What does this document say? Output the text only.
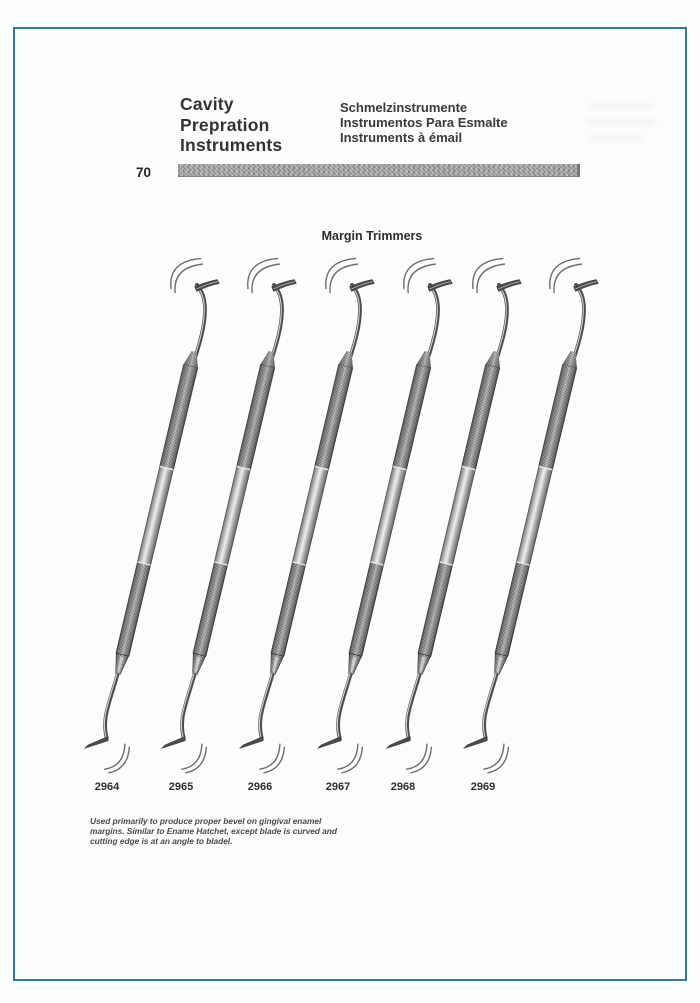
Cavity
Prepration
Instruments
Schmelzinstrumente
Instrumentos Para Esmalte
Instruments à émail
70
Margin Trimmers
2964	2965	2966	2967	2968	2969
Used primarily to produce proper bevel on gingival enamel
margins. Similar to Ename Hatchet, except blade is curved and
cutting edge is at an angle to bladel.
